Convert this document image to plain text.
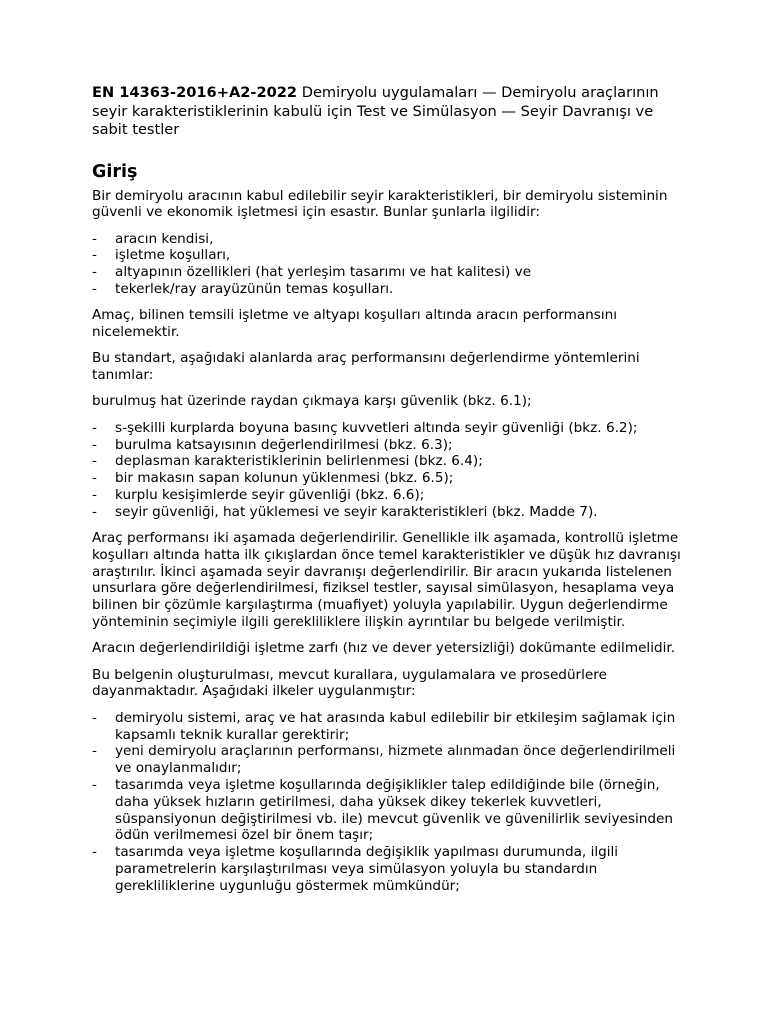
EN 14363-2016+A2-2022 Demiryolu uygulamaları — Demiryolu araçlarının seyir karakteristiklerinin kabulü için Test ve Simülasyon — Seyir Davranışı ve sabit testler

Giriş

Bir demiryolu aracının kabul edilebilir seyir karakteristikleri, bir demiryolu sisteminin güvenli ve ekonomik işletmesi için esastır. Bunlar şunlarla ilgilidir:

- aracın kendisi,
- işletme koşulları,
- altyapının özellikleri (hat yerleşim tasarımı ve hat kalitesi) ve
- tekerlek/ray arayüzünün temas koşulları.

Amaç, bilinen temsili işletme ve altyapı koşulları altında aracın performansını nicelemektir.

Bu standart, aşağıdaki alanlarda araç performansını değerlendirme yöntemlerini tanımlar:

burulmuş hat üzerinde raydan çıkmaya karşı güvenlik (bkz. 6.1);

- s-şekilli kurplarda boyuna basınç kuvvetleri altında seyir güvenliği (bkz. 6.2);
- burulma katsayısının değerlendirilmesi (bkz. 6.3);
- deplasman karakteristiklerinin belirlenmesi (bkz. 6.4);
- bir makasın sapan kolunun yüklenmesi (bkz. 6.5);
- kurplu kesişimlerde seyir güvenliği (bkz. 6.6);
- seyir güvenliği, hat yüklemesi ve seyir karakteristikleri (bkz. Madde 7).

Araç performansı iki aşamada değerlendirilir. Genellikle ilk aşamada, kontrollü işletme koşulları altında hatta ilk çıkışlardan önce temel karakteristikler ve düşük hız davranışı araştırılır. İkinci aşamada seyir davranışı değerlendirilir. Bir aracın yukarıda listelenen unsurlara göre değerlendirilmesi, fiziksel testler, sayısal simülasyon, hesaplama veya bilinen bir çözümle karşılaştırma (muafiyet) yoluyla yapılabilir. Uygun değerlendirme yönteminin seçimiyle ilgili gerekliliklere ilişkin ayrıntılar bu belgede verilmiştir.

Aracın değerlendirildiği işletme zarfı (hız ve dever yetersizliği) dokümante edilmelidir.

Bu belgenin oluşturulması, mevcut kurallara, uygulamalara ve prosedürlere dayanmaktadır. Aşağıdaki ilkeler uygulanmıştır:

- demiryolu sistemi, araç ve hat arasında kabul edilebilir bir etkileşim sağlamak için kapsamlı teknik kurallar gerektirir;
- yeni demiryolu araçlarının performansı, hizmete alınmadan önce değerlendirilmeli ve onaylanmalıdır;
- tasarımda veya işletme koşullarında değişiklikler talep edildiğinde bile (örneğin, daha yüksek hızların getirilmesi, daha yüksek dikey tekerlek kuvvetleri, süspansiyonun değiştirilmesi vb. ile) mevcut güvenlik ve güvenilirlik seviyesinden ödün verilmemesi özel bir önem taşır;
- tasarımda veya işletme koşullarında değişiklik yapılması durumunda, ilgili parametrelerin karşılaştırılması veya simülasyon yoluyla bu standardın gerekliliklerine uygunluğu göstermek mümkündür;
